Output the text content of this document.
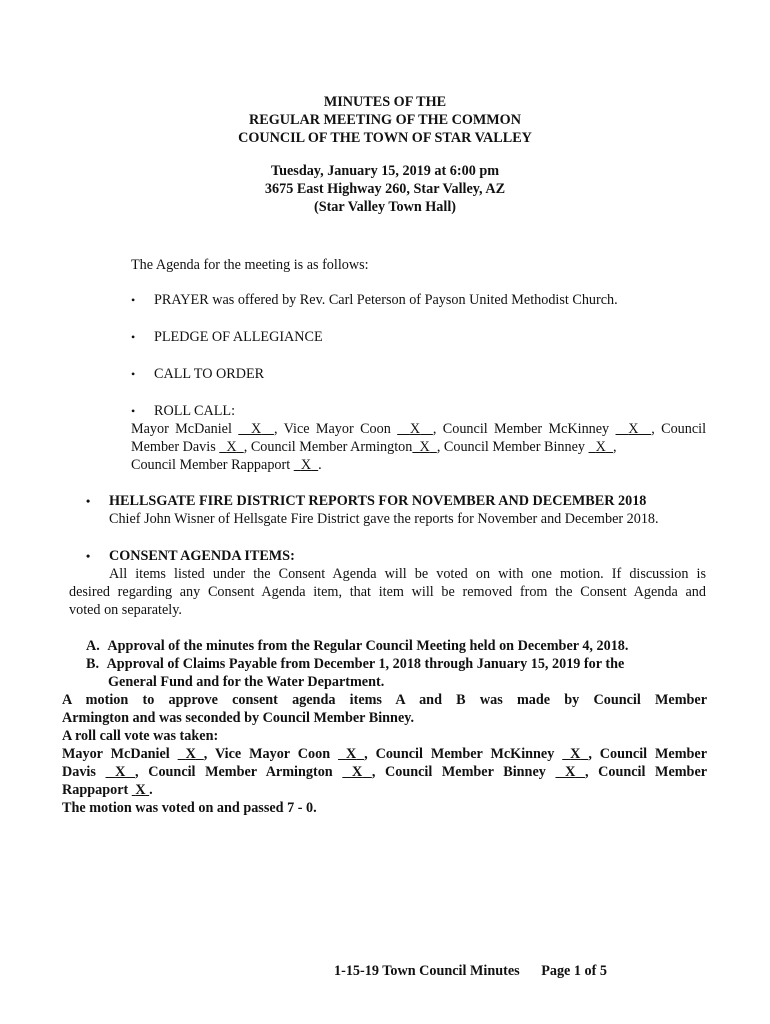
MINUTES OF THE
REGULAR MEETING OF THE COMMON
COUNCIL OF THE TOWN OF STAR VALLEY
Tuesday, January 15, 2019 at 6:00 pm
3675 East Highway 260, Star Valley, AZ
(Star Valley Town Hall)
The Agenda for the meeting is as follows:
• PRAYER was offered by Rev. Carl Peterson of Payson United Methodist Church.
• PLEDGE OF ALLEGIANCE
• CALL TO ORDER
• ROLL CALL:
Mayor McDaniel X , Vice Mayor Coon X , Council Member McKinney X , Council
Member Davis X , Council Member Armington X , Council Member Binney X ,
Council Member Rappaport X .
• HELLSGATE FIRE DISTRICT REPORTS FOR NOVEMBER AND DECEMBER 2018
Chief John Wisner of Hellsgate Fire District gave the reports for November and December 2018.
• CONSENT AGENDA ITEMS:
All items listed under the Consent Agenda will be voted on with one motion. If discussion is
desired regarding any Consent Agenda item, that item will be removed from the Consent Agenda and
voted on separately.
A. Approval of the minutes from the Regular Council Meeting held on December 4, 2018.
B. Approval of Claims Payable from December 1, 2018 through January 15, 2019 for the
General Fund and for the Water Department.
A motion to approve consent agenda items A and B was made by Council Member
Armington and was seconded by Council Member Binney.
A roll call vote was taken:
Mayor McDaniel X , Vice Mayor Coon X , Council Member McKinney X , Council Member
Davis X , Council Member Armington X , Council Member Binney X , Council Member
Rappaport X .
The motion was voted on and passed 7 - 0.
1-15-19 Town Council Minutes Page 1 of 5
